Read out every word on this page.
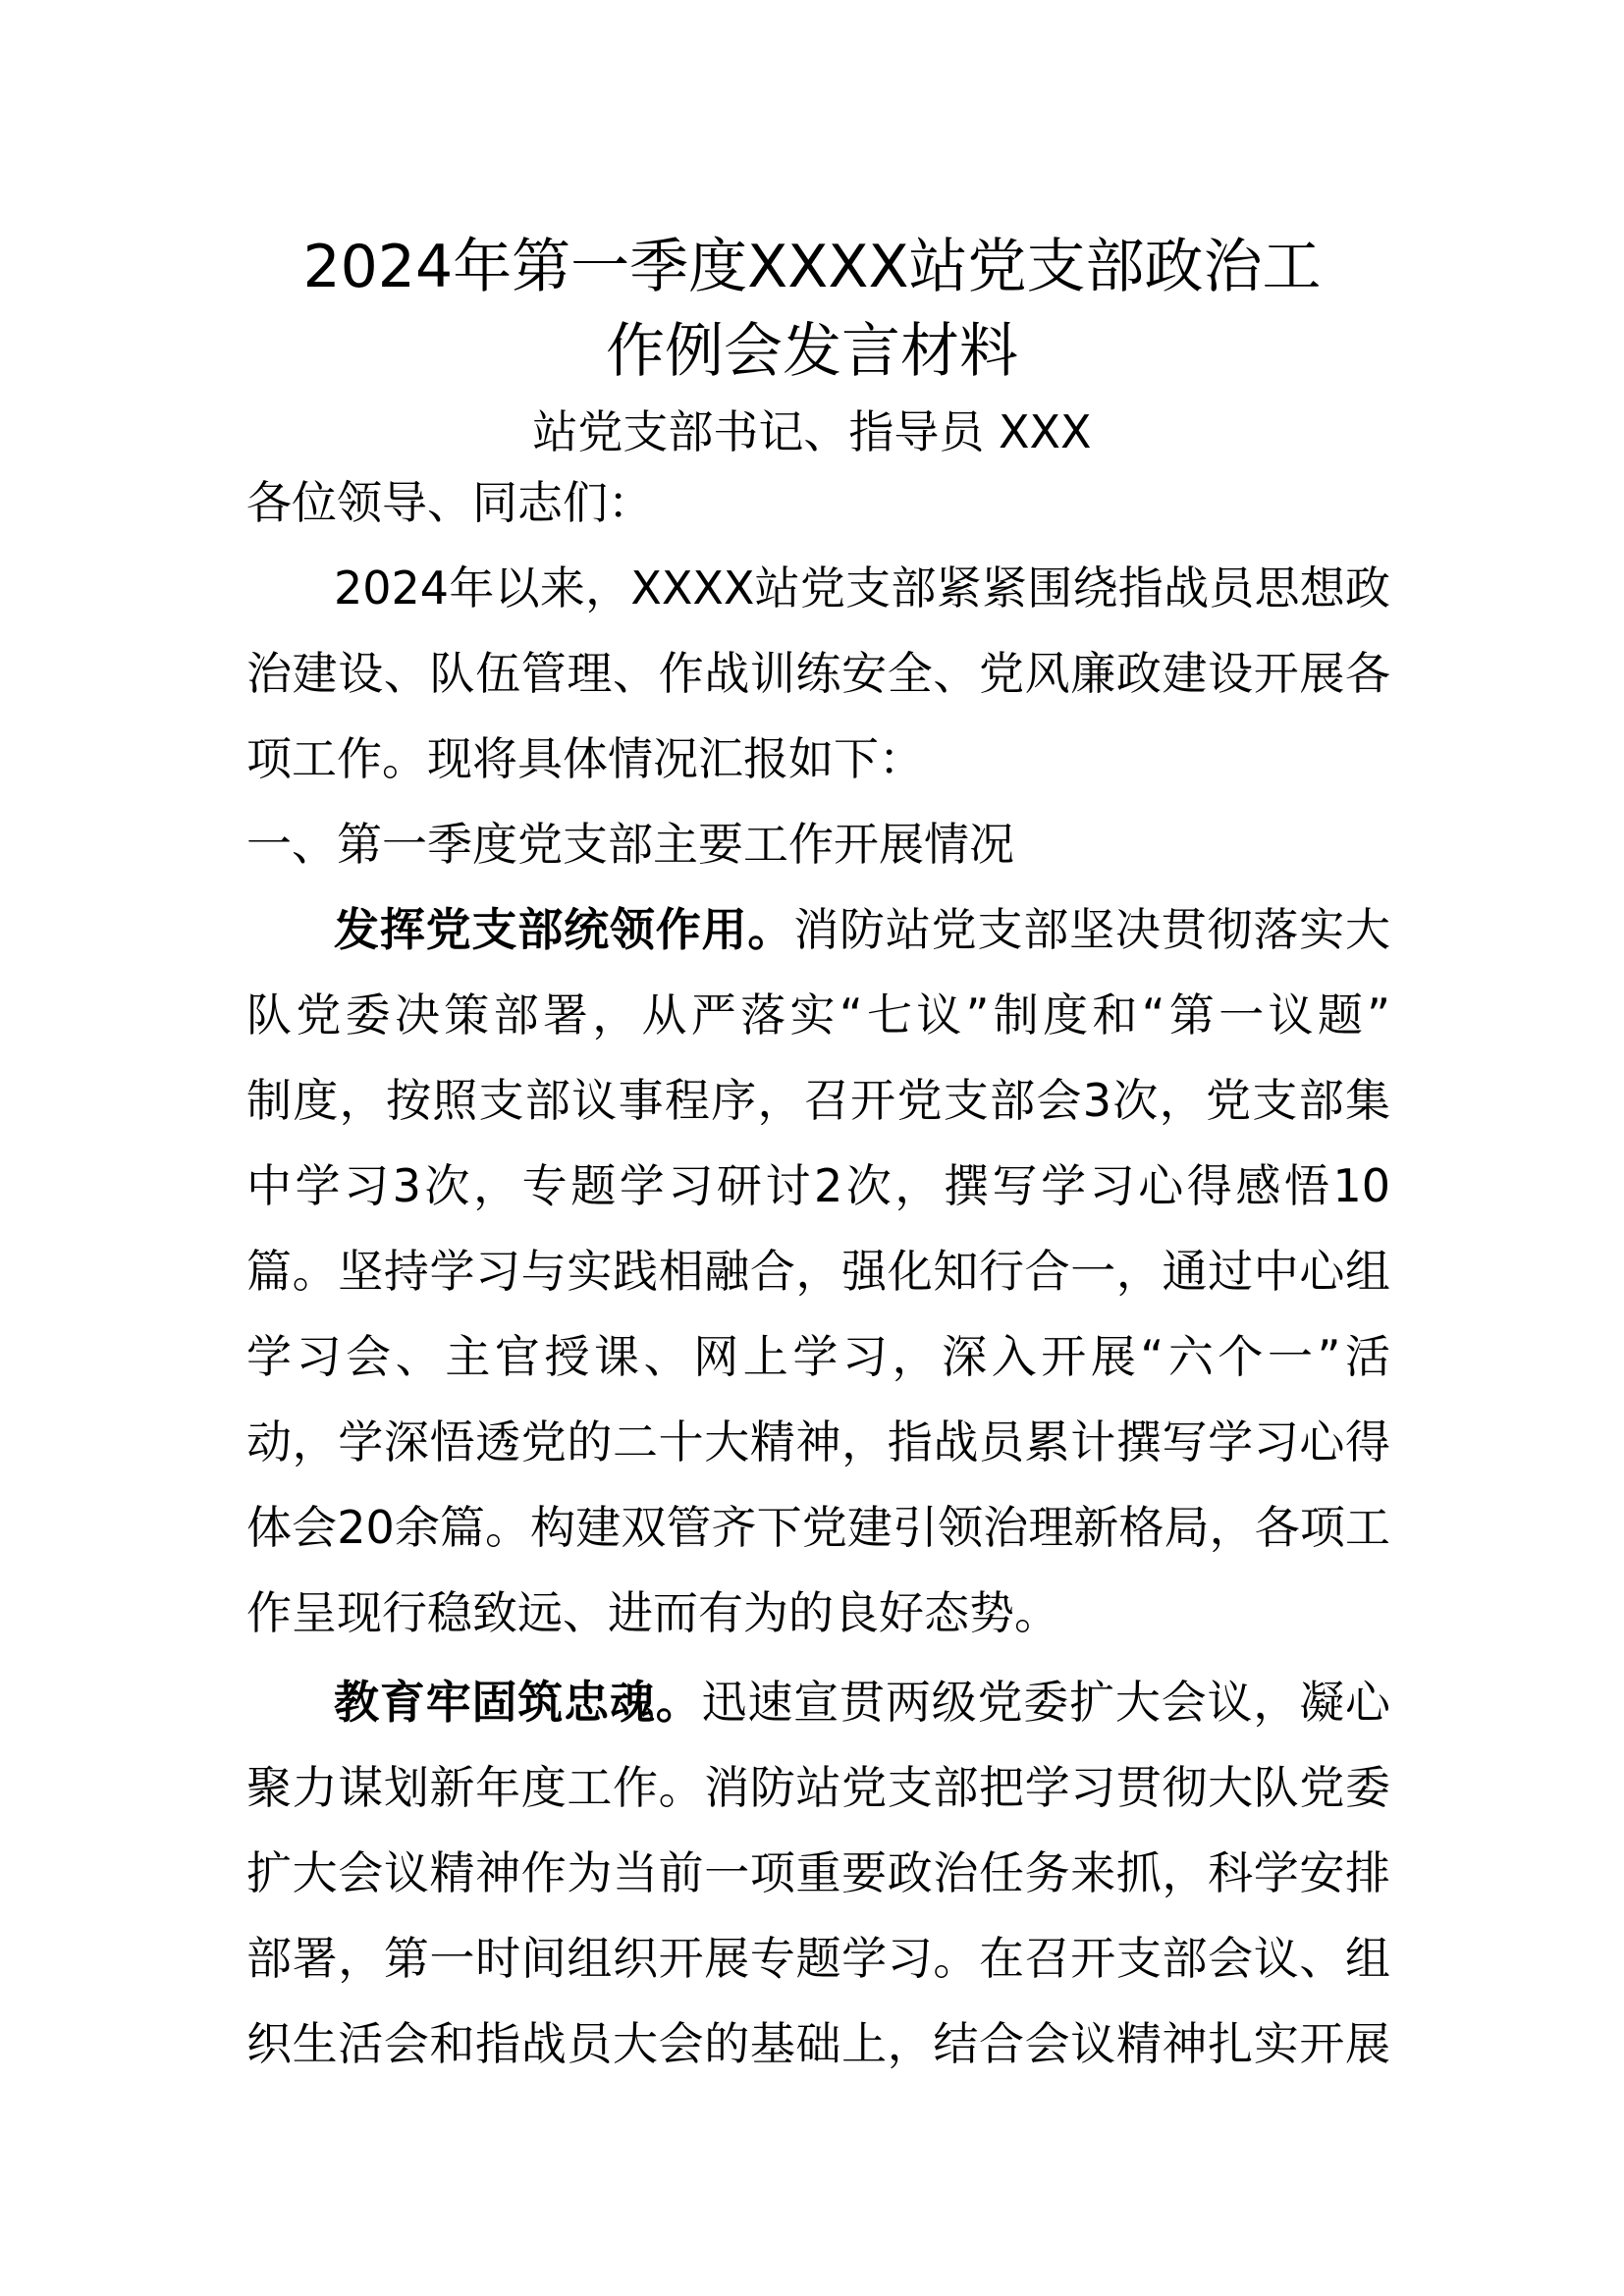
2024年第一季度XXXX站党支部政治工
作例会发言材料
站党支部书记、指导员 XXX
各位领导、同志们：
2024年以来，XXXX站党支部紧紧围绕指战员思想政
治建设、队伍管理、作战训练安全、党风廉政建设开展各
项工作。现将具体情况汇报如下：
一、第一季度党支部主要工作开展情况
发挥党支部统领作用。消防站党支部坚决贯彻落实大
队党委决策部署，从严落实“七议”制度和“第一议题”
制度，按照支部议事程序，召开党支部会3次，党支部集
中学习3次，专题学习研讨2次，撰写学习心得感悟10
篇。坚持学习与实践相融合，强化知行合一，通过中心组
学习会、主官授课、网上学习，深入开展“六个一”活
动，学深悟透党的二十大精神，指战员累计撰写学习心得
体会20余篇。构建双管齐下党建引领治理新格局，各项工
作呈现行稳致远、进而有为的良好态势。
教育牢固筑忠魂。迅速宣贯两级党委扩大会议，凝心
聚力谋划新年度工作。消防站党支部把学习贯彻大队党委
扩大会议精神作为当前一项重要政治任务来抓，科学安排
部署，第一时间组织开展专题学习。在召开支部会议、组
织生活会和指战员大会的基础上，结合会议精神扎实开展
